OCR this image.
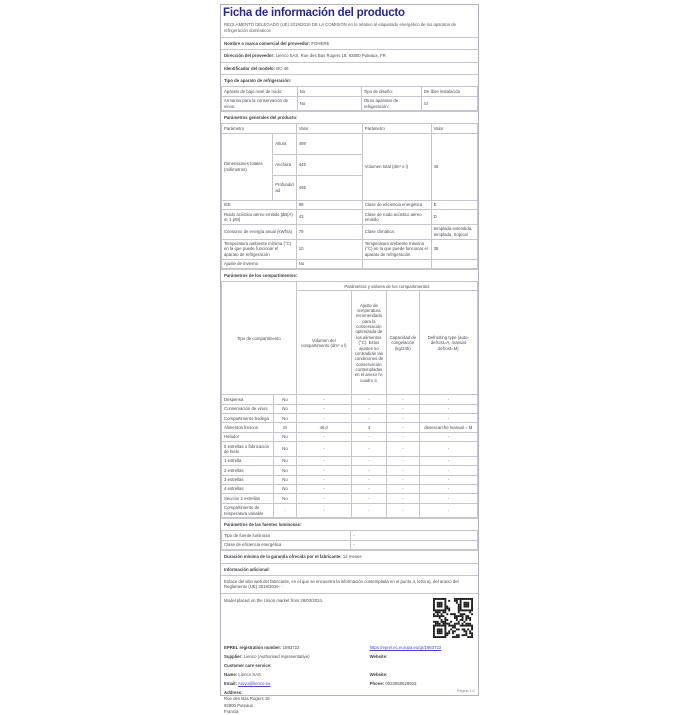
Ficha de información del producto

REGLAMENTO DELEGADO (UE) 2019/2016 DE LA COMISIÓN en lo relativo al etiquetado energético de los aparatos de refrigeración domésticos

Nombre o marca comercial del proveedor: FOHERE
Dirección del proveedor: Lienco SAS, Rue des Bas Rogers 18, 92800 Puteaux, FR
Identificador del modelo: BC-46
Tipo de aparato de refrigeración:
Aparato de bajo nivel de ruido:	No	Tipo de diseño:	De libre instalación
Armarios para la conservación de vinos:	No	Otros aparatos de refrigeración:	Sí
Parámetros generales del producto:
Parámetro		Valor	Parámetro	Valor
Dimensiones totales (milímetros)	Altura	498	Volumen total (dm³ o l)	46
	Anchura	445		
	Profundidad	465		
IEE		98	Clase de eficiencia energética	E
Ruido acústico aéreo emitido [dB(A) re 1 pW]		43	Clase de ruido acústico aéreo emitido	D
Consumo de energía anual (kWh/a)		79	Clase climática:	templada extendida, templada, tropical
Temperatura ambiente mínima (°C) en la que puede funcionar el aparato de refrigeración		10	Temperatura ambiente máxima (°C) en la que puede funcionar el aparato de refrigeración	38
Ajuste de invierno		No		
Parámetros de los compartimentos:
Tipo de compartimento		Parámetros y valores de los compartimentos			
		Volumen del compartimento (dm³ o l)	Ajuste de temperatura recomendado para la conservación optimizada de los alimentos (°C). Estos ajustes no contradirán las condiciones de conservación contempladas en el anexo IV, cuadro 3.	Capacidad de congelación (kg/24h)	Defrosting type (auto-defrost=A, manual defrost=M)
Despensa	No	-	-	-	-
Conservación de vinos	No	-	-	-	-
Compartimento bodega	No	-	-	-	-
Alimentos frescos	Sí	46,0	4	-	desescarche manual = M
Helador	No	-	-	-	-
0 estrellas o fabricación de hielo	No	-	-	-	-
1 estrella	No	-	-	-	-
2 estrellas	No	-	-	-	-
3 estrellas	No	-	-	-	-
4 estrellas	No	-	-	-	-
Sección 2 estrellas	No	-	-	-	-
Compartimento de temperatura variable	-	-	-	-	-
Parámetros de las fuentes luminosas:
Tipo de fuente luminosa	-
Clase de eficiencia energética	-
Duración mínima de la garantía ofrecida por el fabricante: 12 meses
Información adicional:
Enlace del sitio web del fabricante, en el que se encuentra la información contemplada en el punto 4, letra a), del anexo del Reglamento (UE) 2019/2019: -

Model placed on the Union market from 28/03/2024.

EPREL registration number: 1983722	https://eprel.ec.europa.eu/qr/1983722
Supplier: Lienco (Authorised representative)	Website:
Customer care service:
Name: Lienco SAS	Website:
Email: ruoyu@lienco.eu	Phone: 0033658628923
Address:
Rue des Bas Rogers 18
92800 Puteaux
Francia
Página 1/1
